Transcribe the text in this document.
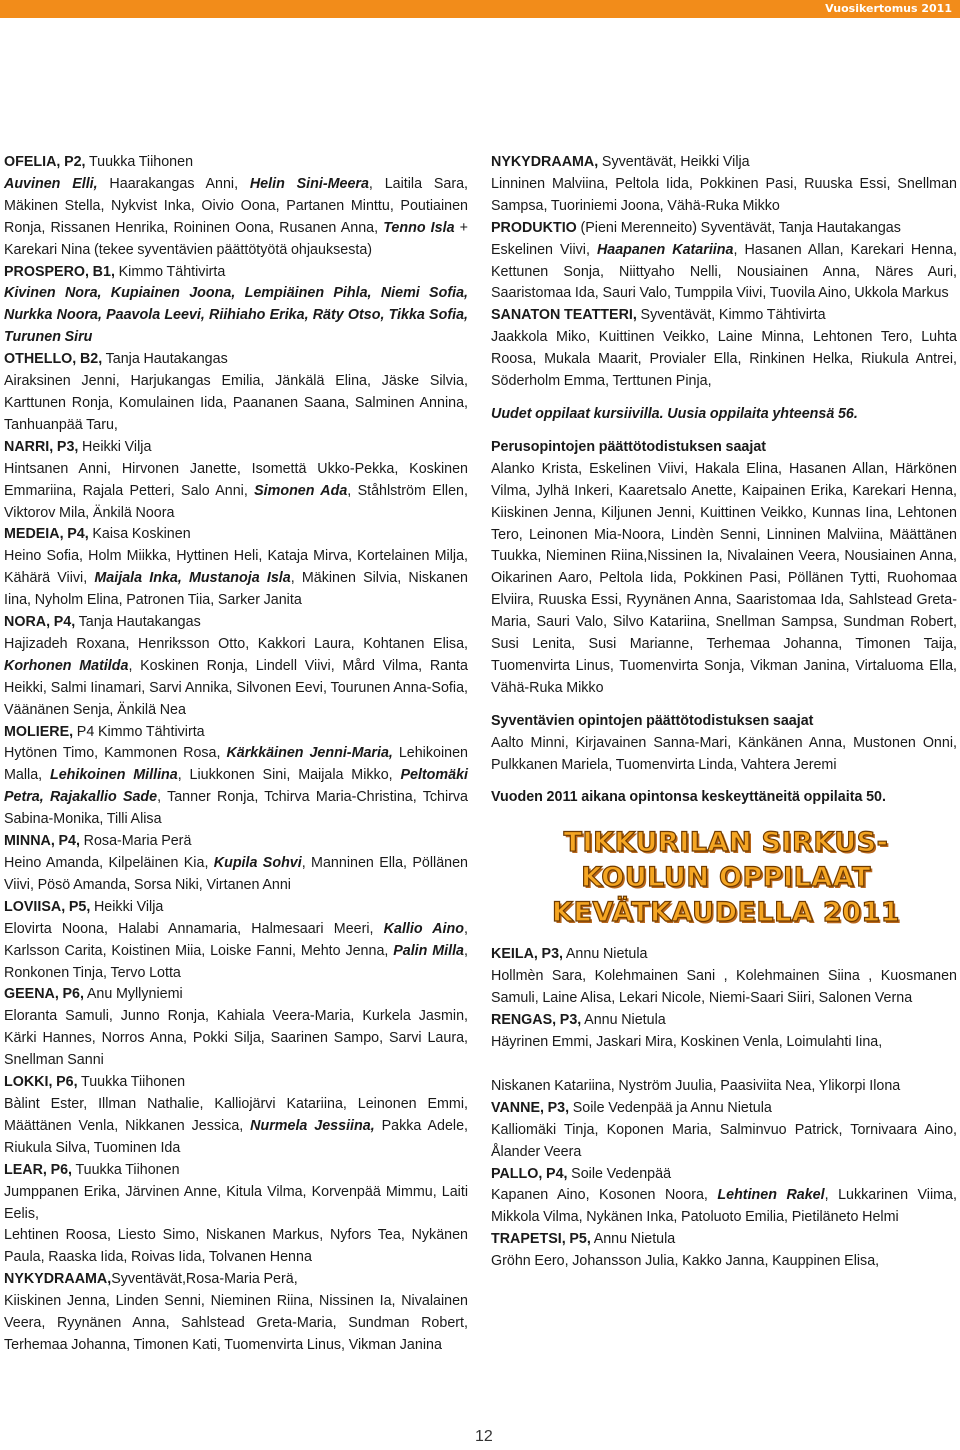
Vuosikertomus 2011

OFELIA, P2, Tuukka Tiihonen

Auvinen Elli, Haarakangas Anni, Helin Sini-Meera, Laitila Sara, Mäkinen Stella, Nykvist Inka, Oivio Oona, Partanen Minttu, Poutiainen Ronja, Rissanen Henrika, Roininen Oona, Rusanen Anna, Tenno Isla + Karekari Nina (tekee syventävien päättötyötä ohjauksesta)

PROSPERO, B1, Kimmo Tähtivirta

Kivinen Nora, Kupiainen Joona, Lempiäinen Pihla, Niemi Sofia, Nurkka Noora, Paavola Leevi, Riihiaho Erika, Räty Otso, Tikka Sofia, Turunen Siru

OTHELLO, B2, Tanja Hautakangas

Airaksinen Jenni, Harjukangas Emilia, Jänkälä Elina, Jäske Silvia, Karttunen Ronja, Komulainen Iida, Paananen Saana, Salminen Annina, Tanhuanpää Taru,

NARRI, P3, Heikki Vilja

Hintsanen Anni, Hirvonen Janette, Isomettä Ukko-Pekka, Koskinen Emmariina, Rajala Petteri, Salo Anni, Simonen Ada, Ståhlström Ellen, Viktorov Mila, Änkilä Noora

MEDEIA, P4, Kaisa Koskinen

Heino Sofia, Holm Miikka, Hyttinen Heli, Kataja Mirva, Kortelainen Milja, Kähärä Viivi, Maijala Inka, Mustanoja Isla, Mäkinen Silvia, Niskanen Iina, Nyholm Elina, Patronen Tiia, Sarker Janita

NORA, P4, Tanja Hautakangas

Hajizadeh Roxana, Henriksson Otto, Kakkori Laura, Kohtanen Elisa, Korhonen Matilda, Koskinen Ronja, Lindell Viivi, Mård Vilma, Ranta Heikki, Salmi Iinamari, Sarvi Annika, Silvonen Eevi, Tourunen Anna-Sofia, Väänänen Senja, Änkilä Nea

MOLIERE, P4 Kimmo Tähtivirta

Hytönen Timo, Kammonen Rosa, Kärkkäinen Jenni-Maria, Lehikoinen Malla, Lehikoinen Millina, Liukkonen Sini, Maijala Mikko, Peltomäki Petra, Rajakallio Sade, Tanner Ronja, Tchirva Maria-Christina, Tchirva Sabina-Monika, Tilli Alisa

MINNA, P4, Rosa-Maria Perä

Heino Amanda, Kilpeläinen Kia, Kupila Sohvi, Manninen Ella, Pöllänen Viivi, Pösö Amanda, Sorsa Niki, Virtanen Anni

LOVIISA, P5, Heikki Vilja

Elovirta Noona, Halabi Annamaria, Halmesaari Meeri, Kallio Aino, Karlsson Carita, Koistinen Miia, Loiske Fanni, Mehto Jenna, Palin Milla, Ronkonen Tinja, Tervo Lotta

GEENA, P6, Anu Myllyniemi

Eloranta Samuli, Junno Ronja, Kahiala Veera-Maria, Kurkela Jasmin, Kärki Hannes, Norros Anna, Pokki Silja, Saarinen Sampo, Sarvi Laura, Snellman Sanni

LOKKI, P6, Tuukka Tiihonen

Bàlint Ester, Illman Nathalie, Kalliojärvi Katariina, Leinonen Emmi, Määttänen Venla, Nikkanen Jessica, Nurmela Jessiina, Pakka Adele, Riukula Silva, Tuominen Ida

LEAR, P6, Tuukka Tiihonen

Jumppanen Erika, Järvinen Anne, Kitula Vilma, Korvenpää Mimmu, Laiti Eelis,

Lehtinen Roosa, Liesto Simo, Niskanen Markus, Nyfors Tea, Nykänen Paula, Raaska Iida, Roivas Iida, Tolvanen Henna

NYKYDRAAMA,Syventävät,Rosa-Maria Perä,

Kiiskinen Jenna, Linden Senni, Nieminen Riina, Nissinen Ia, Nivalainen Veera, Ryynänen Anna, Sahlstead Greta-Maria, Sundman Robert, Terhemaa Johanna, Timonen Kati, Tuomenvirta Linus, Vikman Janina

NYKYDRAAMA, Syventävät, Heikki Vilja

Linninen Malviina, Peltola Iida, Pokkinen Pasi, Ruuska Essi, Snellman Sampsa, Tuoriniemi Joona, Vähä-Ruka Mikko

PRODUKTIO (Pieni Merenneito) Syventävät, Tanja Hautakangas

Eskelinen Viivi, Haapanen Katariina, Hasanen Allan, Karekari Henna, Kettunen Sonja, Niittyaho Nelli, Nousiainen Anna, Näres Auri, Saaristomaa Ida, Sauri Valo, Tumppila Viivi, Tuovila Aino, Ukkola Markus

SANATON TEATTERI, Syventävät, Kimmo Tähtivirta

Jaakkola Miko, Kuittinen Veikko, Laine Minna, Lehtonen Tero, Luhta Roosa, Mukala Maarit, Provialer Ella, Rinkinen Helka, Riukula Antrei, Söderholm Emma, Terttunen Pinja,

Uudet oppilaat kursiivilla. Uusia oppilaita yhteensä 56.

Perusopintojen päättötodistuksen saajat

Alanko Krista, Eskelinen Viivi, Hakala Elina, Hasanen Allan, Härkönen Vilma, Jylhä Inkeri, Kaaretsalo Anette, Kaipainen Erika, Karekari Henna, Kiiskinen Jenna, Kiljunen Jenni, Kuittinen Veikko, Kunnas Iina, Lehtonen Tero, Leinonen Mia-Noora, Lindèn Senni, Linninen Malviina, Määttänen Tuukka, Nieminen Riina,Nissinen Ia, Nivalainen Veera, Nousiainen Anna, Oikarinen Aaro, Peltola Iida, Pokkinen Pasi, Pöllänen Tytti, Ruohomaa Elviira, Ruuska Essi, Ryynänen Anna, Saaristomaa Ida, Sahlstead Greta-Maria, Sauri Valo, Silvo Katariina, Snellman Sampsa, Sundman Robert, Susi Lenita, Susi Marianne, Terhemaa Johanna, Timonen Taija, Tuomenvirta Linus, Tuomenvirta Sonja, Vikman Janina, Virtaluoma Ella, Vähä-Ruka Mikko

Syventävien opintojen päättötodistuksen saajat

Aalto Minni, Kirjavainen Sanna-Mari, Känkänen Anna, Mustonen Onni, Pulkkanen Mariela, Tuomenvirta Linda, Vahtera Jeremi

Vuoden 2011 aikana opintonsa keskeyttäneitä oppilaita 50.

TIKKURILAN SIRKUS-
KOULUN OPPILAAT
KEVÄTKAUDELLA 2011

KEILA, P3, Annu Nietula

Hollmèn Sara, Kolehmainen Sani , Kolehmainen Siina , Kuosmanen Samuli, Laine Alisa, Lekari Nicole, Niemi-Saari Siiri, Salonen Verna

RENGAS, P3, Annu Nietula

Häyrinen Emmi, Jaskari Mira, Koskinen Venla, Loimulahti Iina,

Niskanen Katariina, Nyström Juulia, Paasiviita Nea, Ylikorpi Ilona

VANNE, P3, Soile Vedenpää ja Annu Nietula

Kalliomäki Tinja, Koponen Maria, Salminvuo Patrick, Tornivaara Aino, Ålander Veera

PALLO, P4, Soile Vedenpää

Kapanen Aino, Kosonen Noora, Lehtinen Rakel, Lukkarinen Viima, Mikkola Vilma, Nykänen Inka, Patoluoto Emilia, Pietiläneto Helmi

TRAPETSI, P5, Annu Nietula

Gröhn Eero, Johansson Julia, Kakko Janna, Kauppinen Elisa,

12
